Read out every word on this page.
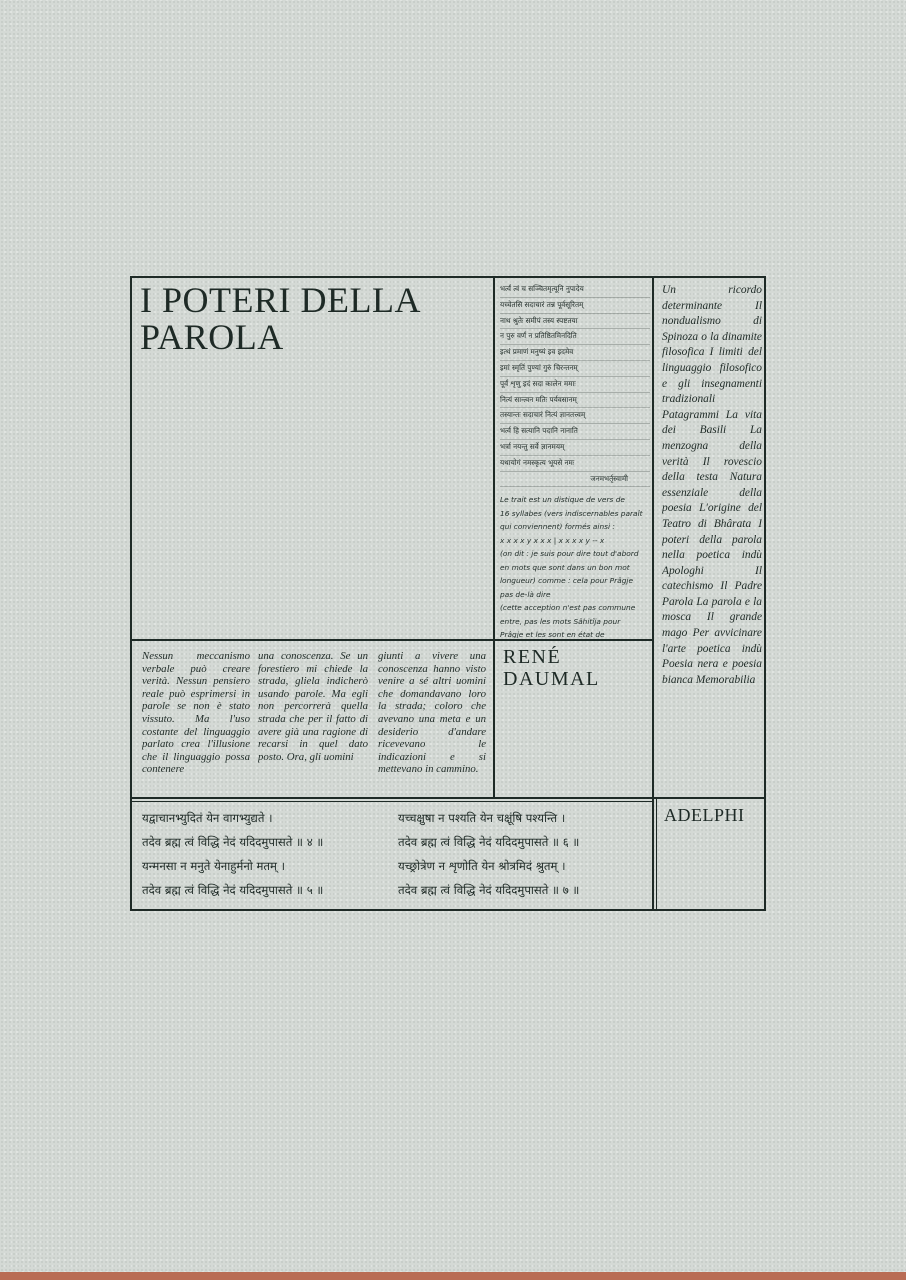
I POTERI DELLA
PAROLA
भर्त्वं त्वं च सञ्चितमृत्यूनि नुपादेय
यच्चेतसि सदाचारं तन्न पूर्वसूरितम्
नाथ श्रुतेः समीपं तस्य स्पष्टतया
न पुरु वर्णं न प्रतिष्ठितमिनदिति
इत्थं प्रमाणं मनुष्यं इव इदमेव
इमां स्मृतिं पुण्यां गुरुं चिरन्तनम्
पूर्वं शृणु इदं सदा कालेन ममाः
नित्यं सान्त्वन मतिः पर्यवसानम्
तस्यान्तः सदाचारं नित्यं ज्ञानतत्त्वम्
भर्त्व हि सत्यानि पदानि नानाति
भर्त्रा नयन्तु सर्वे ज्ञानमयम्
यथायोगं नमस्कृत्य भूयसे नमः
जनमभर्तृस्वामी
Le trait est un distique de vers de
16 syllabes (vers indiscernables paraît
qui conviennent) formés ainsi :
x x x x y x x x | x x x x y -- x
(on dit : je suis pour dire tout d'abord
en mots que sont dans un bon mot
longueur) comme : cela pour Prâgje
pas de-là dire
(cette acception n'est pas commune
entre, pas les mots Sâhitîja pour
Prâgje et les sont en état de
Un ricordo determinante Il nondualismo di Spinoza o la dinamite filosofica I limiti del linguaggio filosofico e gli insegnamenti tradizionali Patagrammi La vita dei Basili La menzogna della verità Il rovescio della testa Natura essenziale della poesia L'origine del Teatro di Bhârata I poteri della parola nella poetica indù Apologhi Il catechismo Il Padre Parola La parola e la mosca Il grande mago Per avvicinare l'arte poetica indù Poesia nera e poesia bianca Memorabilia
Nessun meccanismo verbale può creare verità. Nessun pensiero reale può esprimersi in parole se non è stato vissuto. Ma l'uso costante del linguaggio parlato crea l'illusione che il linguaggio possa contenere
una conoscenza. Se un forestiero mi chiede la strada, gliela indicherò usando parole. Ma egli non percorrerà quella strada che per il fatto di avere già una ragione di recarsi in quel dato posto. Ora, gli uomini
giunti a vivere una conoscenza hanno visto venire a sé altri uomini che domandavano loro la strada; coloro che avevano una meta e un desiderio d'andare ricevevano le indicazioni e si mettevano in cammino.
RENÉ
DAUMAL
यद्वाचानभ्युदितं येन वागभ्युद्यते ।
तदेव ब्रह्म त्वं विद्धि नेदं यदिदमुपासते ॥ ४ ॥
यन्मनसा न मनुते येनाहुर्मनो मतम् ।
तदेव ब्रह्म त्वं विद्धि नेदं यदिदमुपासते ॥ ५ ॥
यच्चक्षुषा न पश्यति येन चक्षूंषि पश्यन्ति ।
तदेव ब्रह्म त्वं विद्धि नेदं यदिदमुपासते ॥ ६ ॥
यच्छ्रोत्रेण न शृणोति येन श्रोत्रमिदं श्रुतम् ।
तदेव ब्रह्म त्वं विद्धि नेदं यदिदमुपासते ॥ ७ ॥
ADELPHI
